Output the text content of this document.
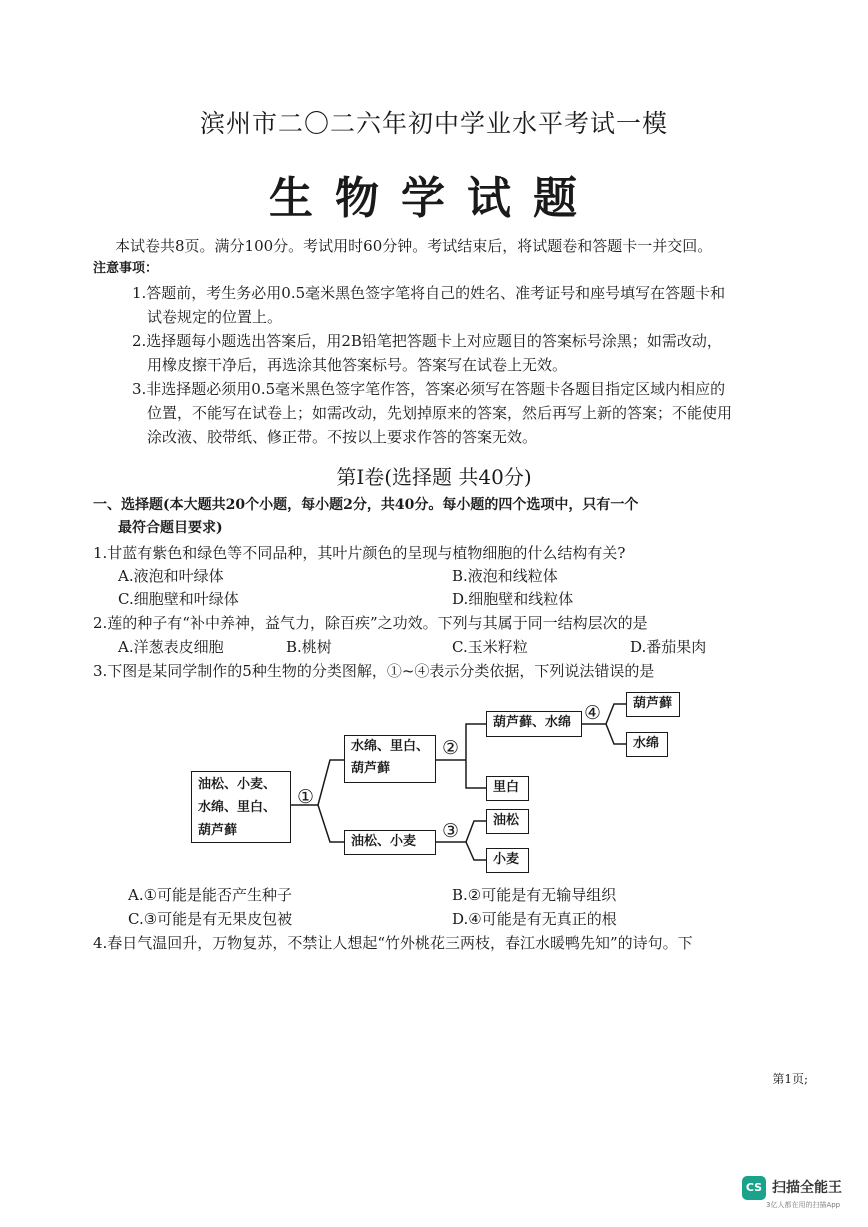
滨州市二〇二六年初中学业水平考试一模
生物学试题
本试卷共8页。满分100分。考试用时60分钟。考试结束后，将试题卷和答题卡一并交回。
注意事项：
1.答题前，考生务必用0.5毫米黑色签字笔将自己的姓名、准考证号和座号填写在答题卡和
试卷规定的位置上。
2.选择题每小题选出答案后，用2B铅笔把答题卡上对应题目的答案标号涂黑；如需改动，
用橡皮擦干净后，再选涂其他答案标号。答案写在试卷上无效。
3.非选择题必须用0.5毫米黑色签字笔作答，答案必须写在答题卡各题目指定区域内相应的
位置，不能写在试卷上；如需改动，先划掉原来的答案，然后再写上新的答案；不能使用
涂改液、胶带纸、修正带。不按以上要求作答的答案无效。
第Ⅰ卷(选择题 共40分)
一、选择题(本大题共20个小题，每小题2分，共40分。每小题的四个选项中，只有一个
最符合题目要求)
1.甘蓝有紫色和绿色等不同品种，其叶片颜色的呈现与植物细胞的什么结构有关?
A.液泡和叶绿体	B.液泡和线粒体
C.细胞壁和叶绿体	D.细胞壁和线粒体
2.莲的种子有“补中养神，益气力，除百疾”之功效。下列与其属于同一结构层次的是
A.洋葱表皮细胞	B.桃树	C.玉米籽粒	D.番茄果肉
3.下图是某同学制作的5种生物的分类图解，①~④表示分类依据，下列说法错误的是
油松、小麦、
水绵、里白、
葫芦藓
水绵、里白、
葫芦藓
油松、小麦
葫芦藓、水绵
里白
葫芦藓
水绵
油松
小麦
①
②
③
④
A.①可能是能否产生种子	B.②可能是有无输导组织
C.③可能是有无果皮包被	D.④可能是有无真正的根
4.春日气温回升，万物复苏，不禁让人想起“竹外桃花三两枝，春江水暖鸭先知”的诗句。下
第1页;
CS 扫描全能王
3亿人都在用的扫描App
